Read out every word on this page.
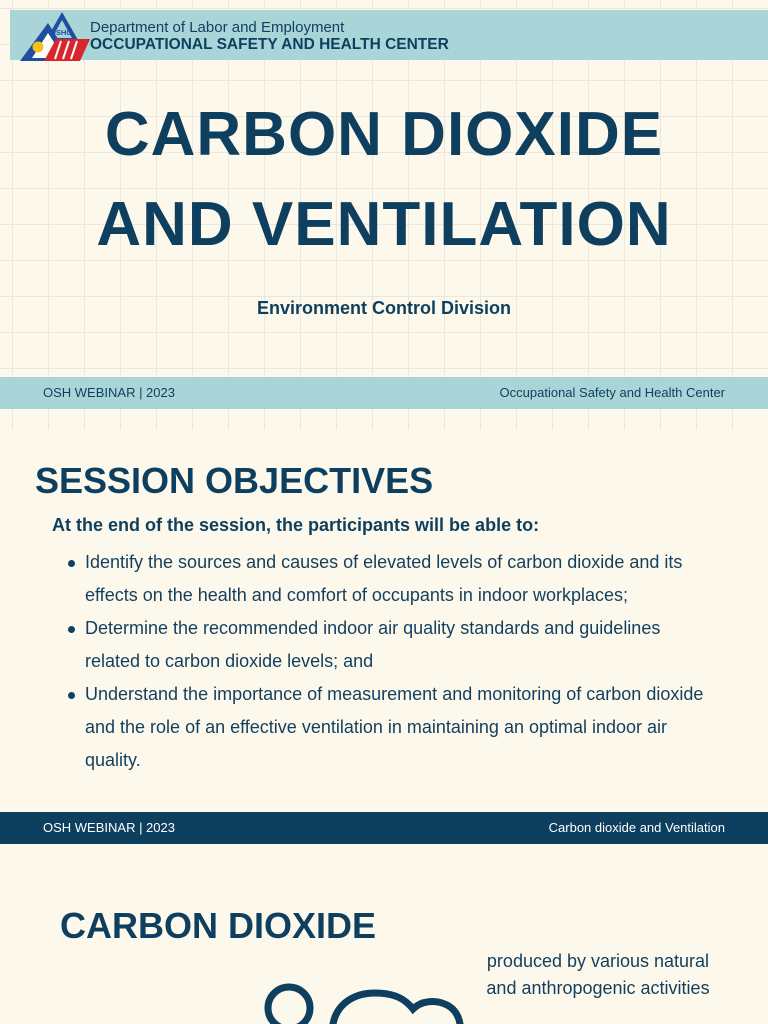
OSHC Department of Labor and Employment
OCCUPATIONAL SAFETY AND HEALTH CENTER
CARBON DIOXIDE
AND VENTILATION
Environment Control Division
OSH WEBINAR | 2023	Occupational Safety and Health Center
SESSION OBJECTIVES
At the end of the session, the participants will be able to:
Identify the sources and causes of elevated levels of carbon dioxide and its effects on the health and comfort of occupants in indoor workplaces;
Determine the recommended indoor air quality standards and guidelines related to carbon dioxide levels; and
Understand the importance of measurement and monitoring of carbon dioxide and the role of an effective ventilation in maintaining an optimal indoor air quality.
OSH WEBINAR | 2023	Carbon dioxide and Ventilation
CARBON DIOXIDE
produced by various natural and anthropogenic activities
